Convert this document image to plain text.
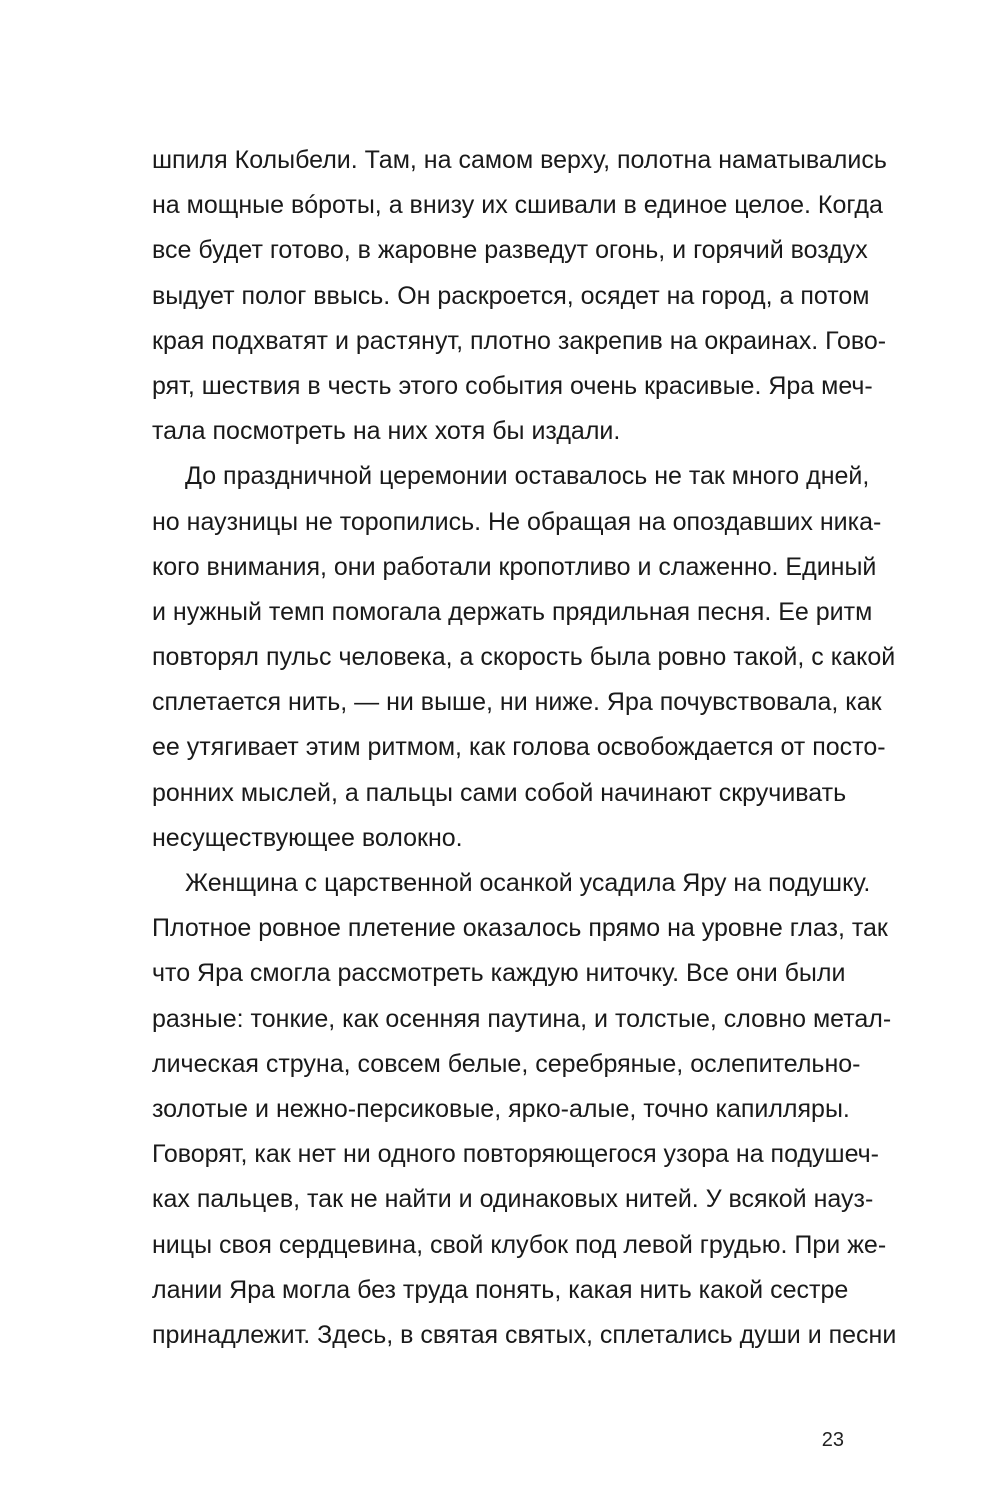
шпиля Колыбели. Там, на самом верху, полотна наматывались
на мощные вóроты, а внизу их сшивали в единое целое. Когда
все будет готово, в жаровне разведут огонь, и горячий воздух
выдует полог ввысь. Он раскроется, осядет на город, а потом
края подхватят и растянут, плотно закрепив на окраинах. Гово-
рят, шествия в честь этого события очень красивые. Яра меч-
тала посмотреть на них хотя бы издали.
До праздничной церемонии оставалось не так много дней,
но наузницы не торопились. Не обращая на опоздавших ника-
кого внимания, они работали кропотливо и слаженно. Единый
и нужный темп помогала держать прядильная песня. Ее ритм
повторял пульс человека, а скорость была ровно такой, с какой
сплетается нить, — ни выше, ни ниже. Яра почувствовала, как
ее утягивает этим ритмом, как голова освобождается от посто-
ронних мыслей, а пальцы сами собой начинают скручивать
несуществующее волокно.
Женщина с царственной осанкой усадила Яру на подушку.
Плотное ровное плетение оказалось прямо на уровне глаз, так
что Яра смогла рассмотреть каждую ниточку. Все они были
разные: тонкие, как осенняя паутина, и толстые, словно метал-
лическая струна, совсем белые, серебряные, ослепительно-
золотые и нежно-персиковые, ярко-алые, точно капилляры.
Говорят, как нет ни одного повторяющегося узора на подушеч-
ках пальцев, так не найти и одинаковых нитей. У всякой науз-
ницы своя сердцевина, свой клубок под левой грудью. При же-
лании Яра могла без труда понять, какая нить какой сестре
принадлежит. Здесь, в святая святых, сплетались души и песни
23
